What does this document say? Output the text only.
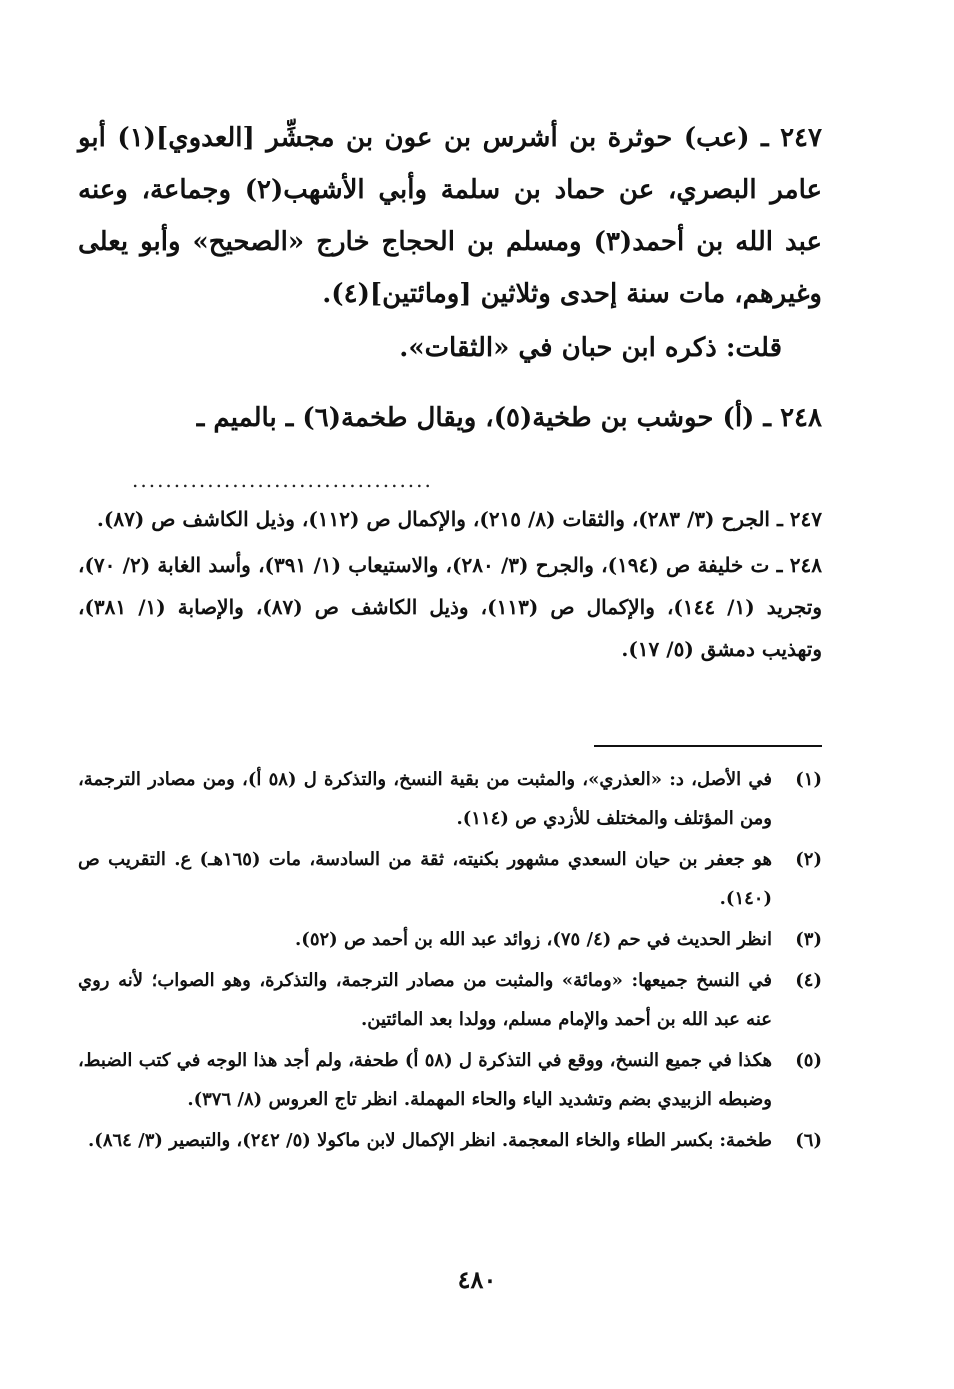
٢٤٧ ـ (عب) حوثرة بن أشرس بن عون بن مجشِّر [العدوي](١) أبو عامر البصري، عن حماد بن سلمة وأبي الأشهب(٢) وجماعة، وعنه عبد الله بن أحمد(٣) ومسلم بن الحجاج خارج «الصحيح» وأبو يعلى وغيرهم، مات سنة إحدى وثلاثين [ومائتين](٤).

قلت: ذكره ابن حبان في «الثقات».

٢٤٨ ـ (أ) حوشب بن طخية(٥)، ويقال طخمة(٦) ـ بالميم ـ

....................................

٢٤٧ ـ الجرح (٣/ ٢٨٣)، والثقات (٨/ ٢١٥)، والإكمال ص (١١٢)، وذيل الكاشف ص (٨٧).

٢٤٨ ـ ت خليفة ص (١٩٤)، والجرح (٣/ ٢٨٠)، والاستيعاب (١/ ٣٩١)، وأسد الغابة (٢/ ٧٠)، وتجريد (١/ ١٤٤)، والإكمال ص (١١٣)، وذيل الكاشف ص (٨٧)، والإصابة (١/ ٣٨١)، وتهذيب دمشق (٥/ ١٧).

(١)
في الأصل، د: «العذري»، والمثبت من بقية النسخ، والتذكرة ل (٥٨ أ)، ومن مصادر الترجمة، ومن المؤتلف والمختلف للأزدي ص (١١٤).
(٢)
هو جعفر بن حيان السعدي مشهور بكنيته، ثقة من السادسة، مات (١٦٥هـ) ع. التقريب ص (١٤٠).
(٣)
انظر الحديث في حم (٤/ ٧٥)، زوائد عبد الله بن أحمد ص (٥٢).
(٤)
في النسخ جميعها: «ومائة» والمثبت من مصادر الترجمة، والتذكرة، وهو الصواب؛ لأنه روي عنه عبد الله بن أحمد والإمام مسلم، وولدا بعد المائتين.
(٥)
هكذا في جميع النسخ، ووقع في التذكرة ل (٥٨ أ) طحفة، ولم أجد هذا الوجه في كتب الضبط، وضبطه الزبيدي بضم وتشديد الياء والحاء المهملة. انظر تاج العروس (٨/ ٣٧٦).
(٦)
طخمة: بكسر الطاء والخاء المعجمة. انظر الإكمال لابن ماكولا (٥/ ٢٤٢)، والتبصير (٣/ ٨٦٤).
٤٨٠
